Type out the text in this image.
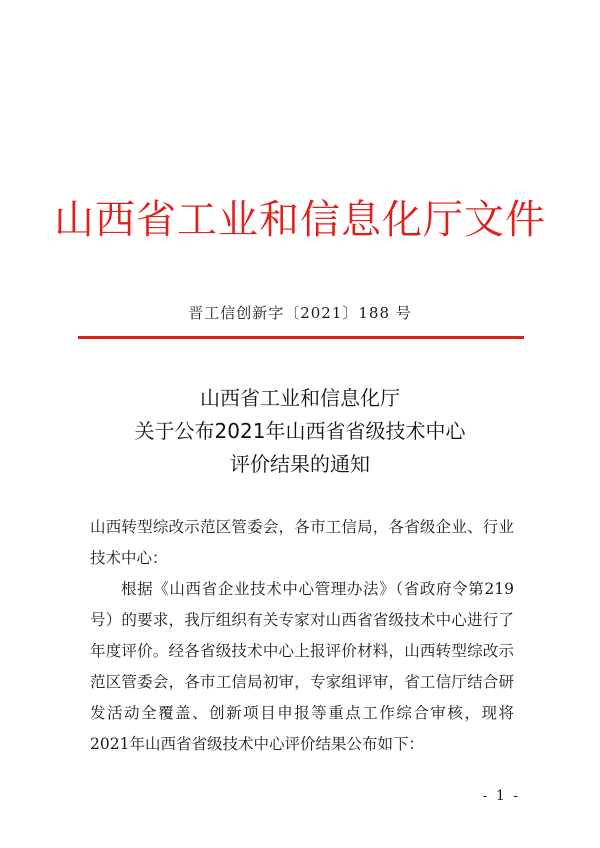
山西省工业和信息化厅文件
晋工信创新字〔2021〕188 号
山西省工业和信息化厅
关于公布2021年山西省省级技术中心
评价结果的通知

山西转型综改示范区管委会，各市工信局，各省级企业、行业技术中心：

根据《山西省企业技术中心管理办法》（省政府令第219号）的要求，我厅组织有关专家对山西省省级技术中心进行了年度评价。经各省级技术中心上报评价材料，山西转型综改示范区管委会，各市工信局初审，专家组评审，省工信厅结合研发活动全覆盖、创新项目申报等重点工作综合审核，现将2021年山西省省级技术中心评价结果公布如下：

- 1 -
